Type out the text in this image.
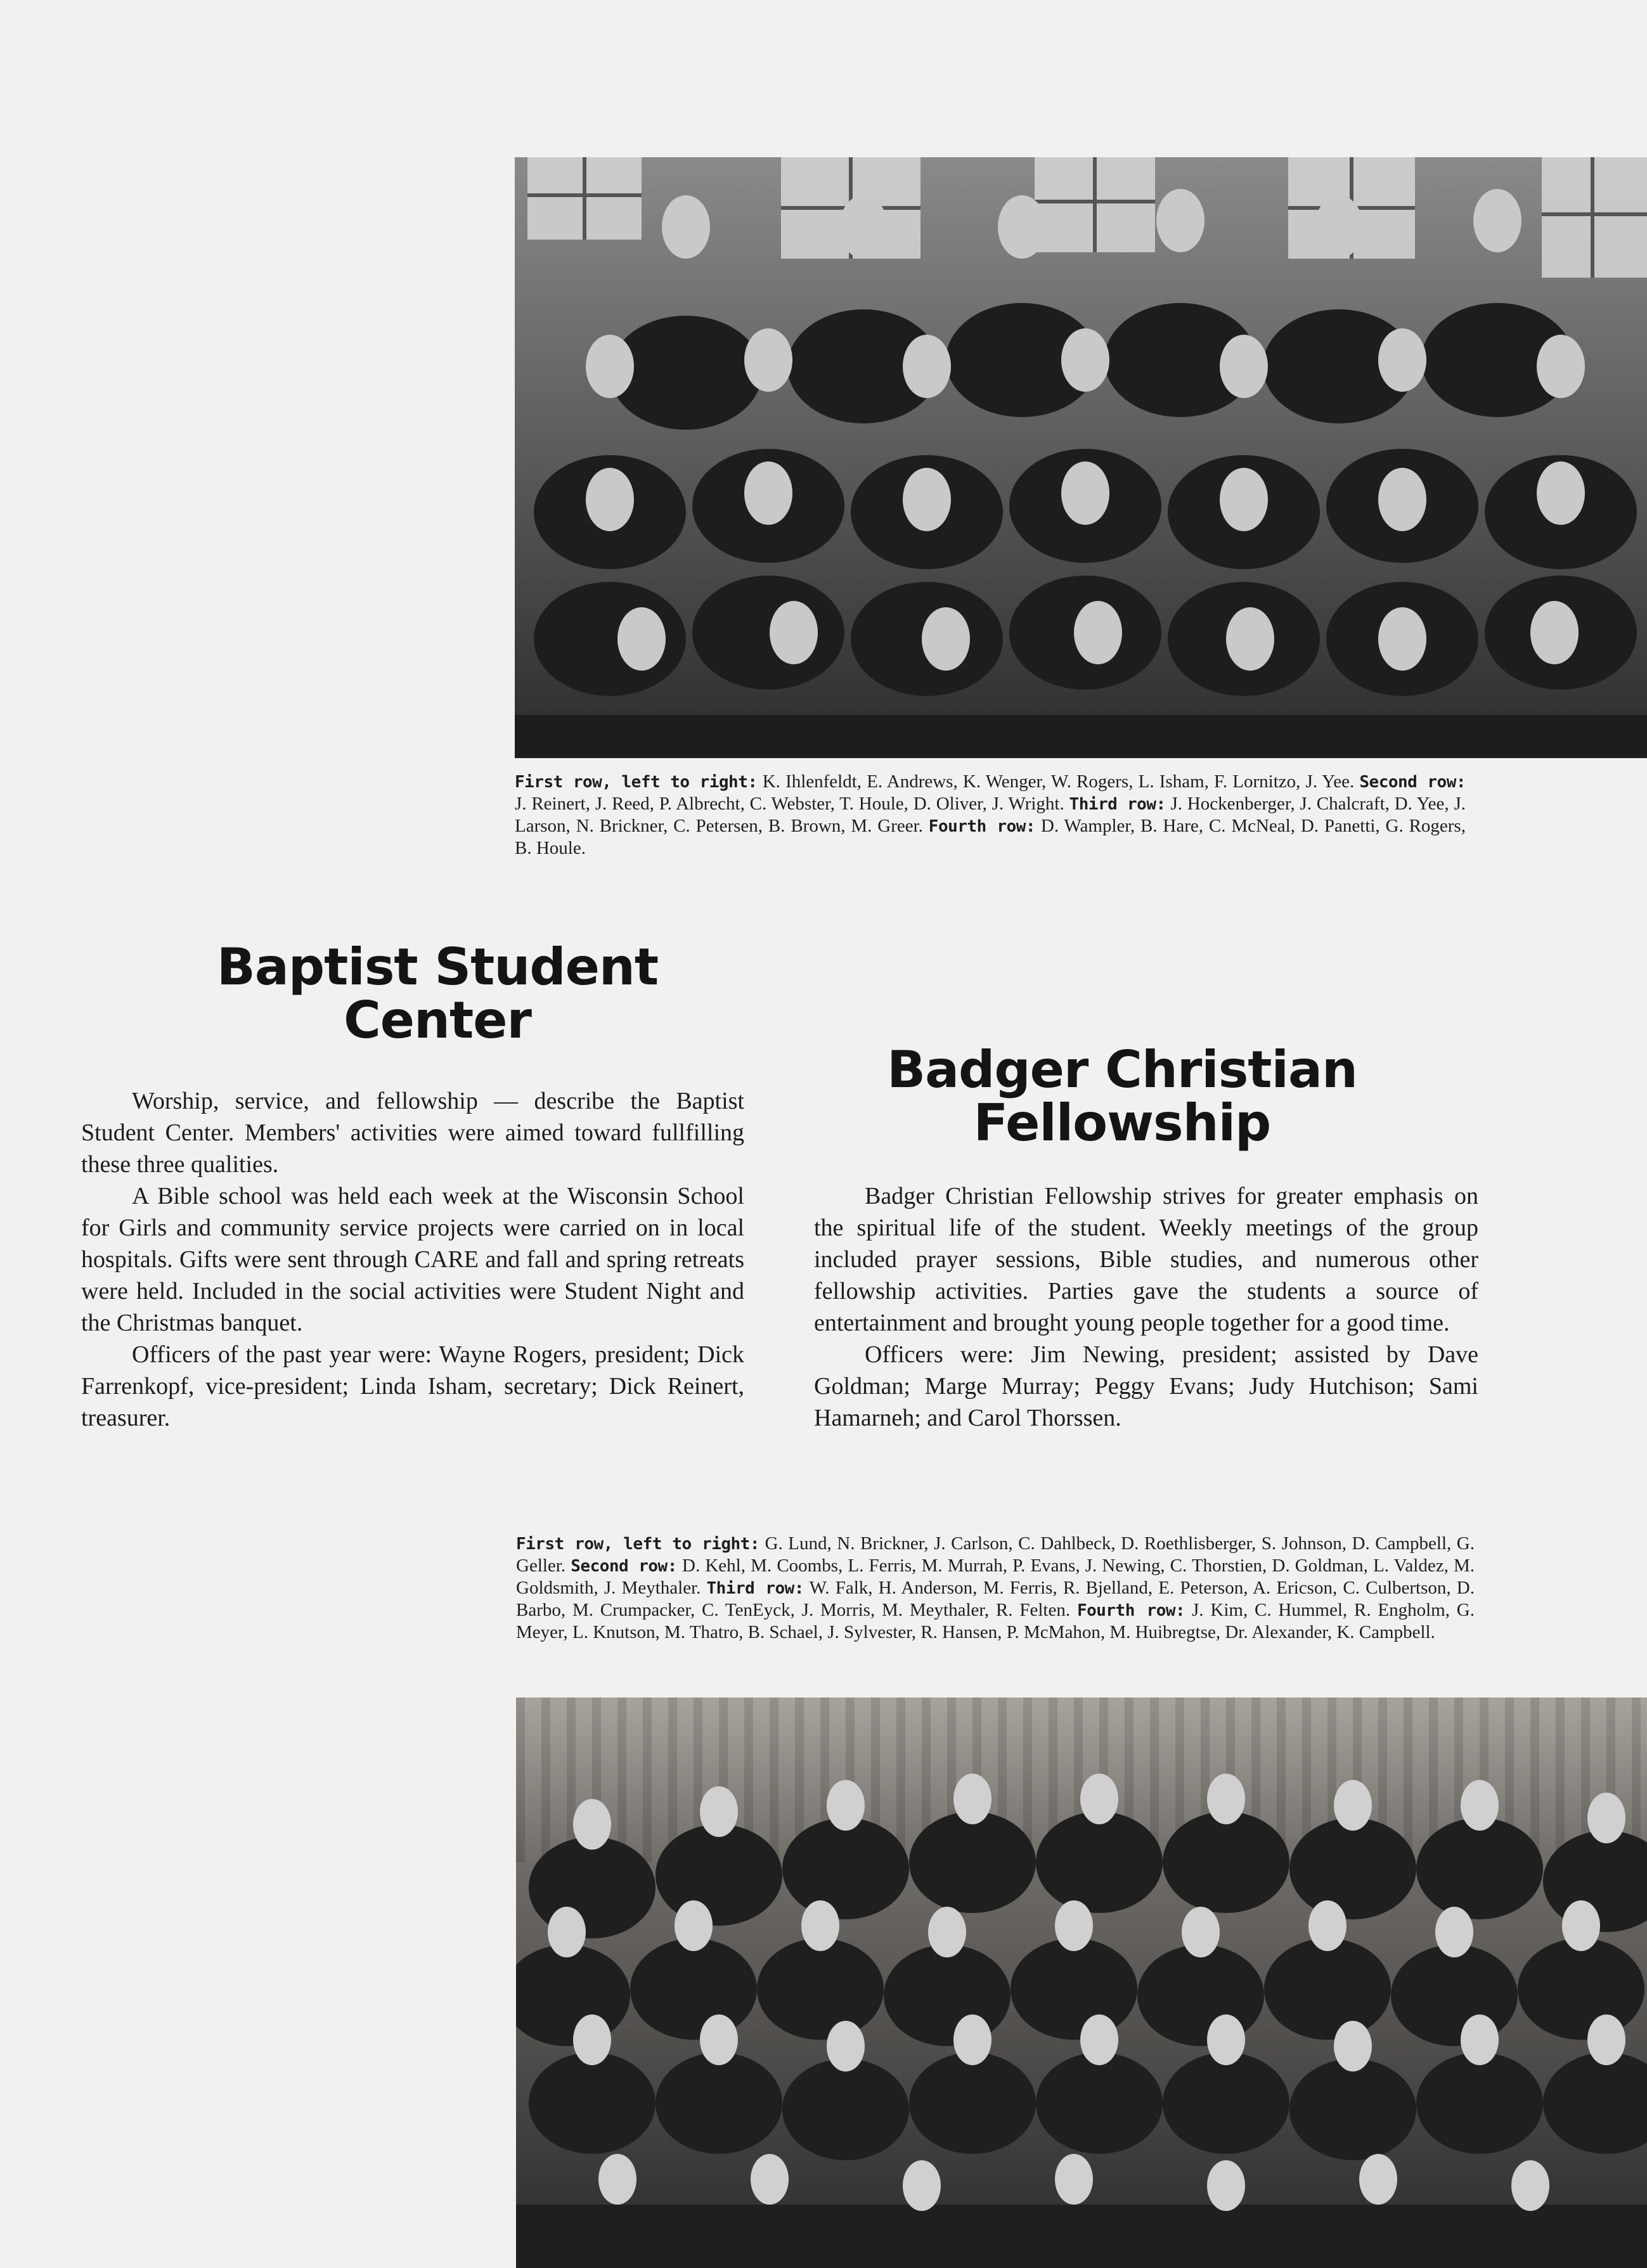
First row, left to right: K. Ihlenfeldt, E. Andrews, K. Wenger, W. Rogers, L. Isham, F. Lornitzo, J. Yee. Second row: J. Reinert, J. Reed, P. Albrecht, C. Webster, T. Houle, D. Oliver, J. Wright. Third row: J. Hockenberger, J. Chalcraft, D. Yee, J. Larson, N. Brickner, C. Petersen, B. Brown, M. Greer. Fourth row: D. Wampler, B. Hare, C. McNeal, D. Panetti, G. Rogers, B. Houle.
Baptist Student
Center

Worship, service, and fellowship — describe the Baptist Student Center. Members' activities were aimed toward fullfilling these three qualities.

A Bible school was held each week at the Wisconsin School for Girls and community service projects were carried on in local hospitals. Gifts were sent through CARE and fall and spring retreats were held. Included in the social activities were Student Night and the Christmas banquet.

Officers of the past year were: Wayne Rogers, president; Dick Farrenkopf, vice-president; Linda Isham, secretary; Dick Reinert, treasurer.

Badger Christian
Fellowship

Badger Christian Fellowship strives for greater emphasis on the spiritual life of the student. Weekly meetings of the group included prayer sessions, Bible studies, and numerous other fellowship activities. Parties gave the students a source of entertainment and brought young people together for a good time.

Officers were: Jim Newing, president; assisted by Dave Goldman; Marge Murray; Peggy Evans; Judy Hutchison; Sami Hamarneh; and Carol Thorssen.

First row, left to right: G. Lund, N. Brickner, J. Carlson, C. Dahlbeck, D. Roethlisberger, S. Johnson, D. Campbell, G. Geller. Second row: D. Kehl, M. Coombs, L. Ferris, M. Murrah, P. Evans, J. Newing, C. Thorstien, D. Goldman, L. Valdez, M. Goldsmith, J. Meythaler. Third row: W. Falk, H. Anderson, M. Ferris, R. Bjelland, E. Peterson, A. Ericson, C. Culbertson, D. Barbo, M. Crumpacker, C. TenEyck, J. Morris, M. Meythaler, R. Felten. Fourth row: J. Kim, C. Hummel, R. Engholm, G. Meyer, L. Knutson, M. Thatro, B. Schael, J. Sylvester, R. Hansen, P. McMahon, M. Huibregtse, Dr. Alexander, K. Campbell.
